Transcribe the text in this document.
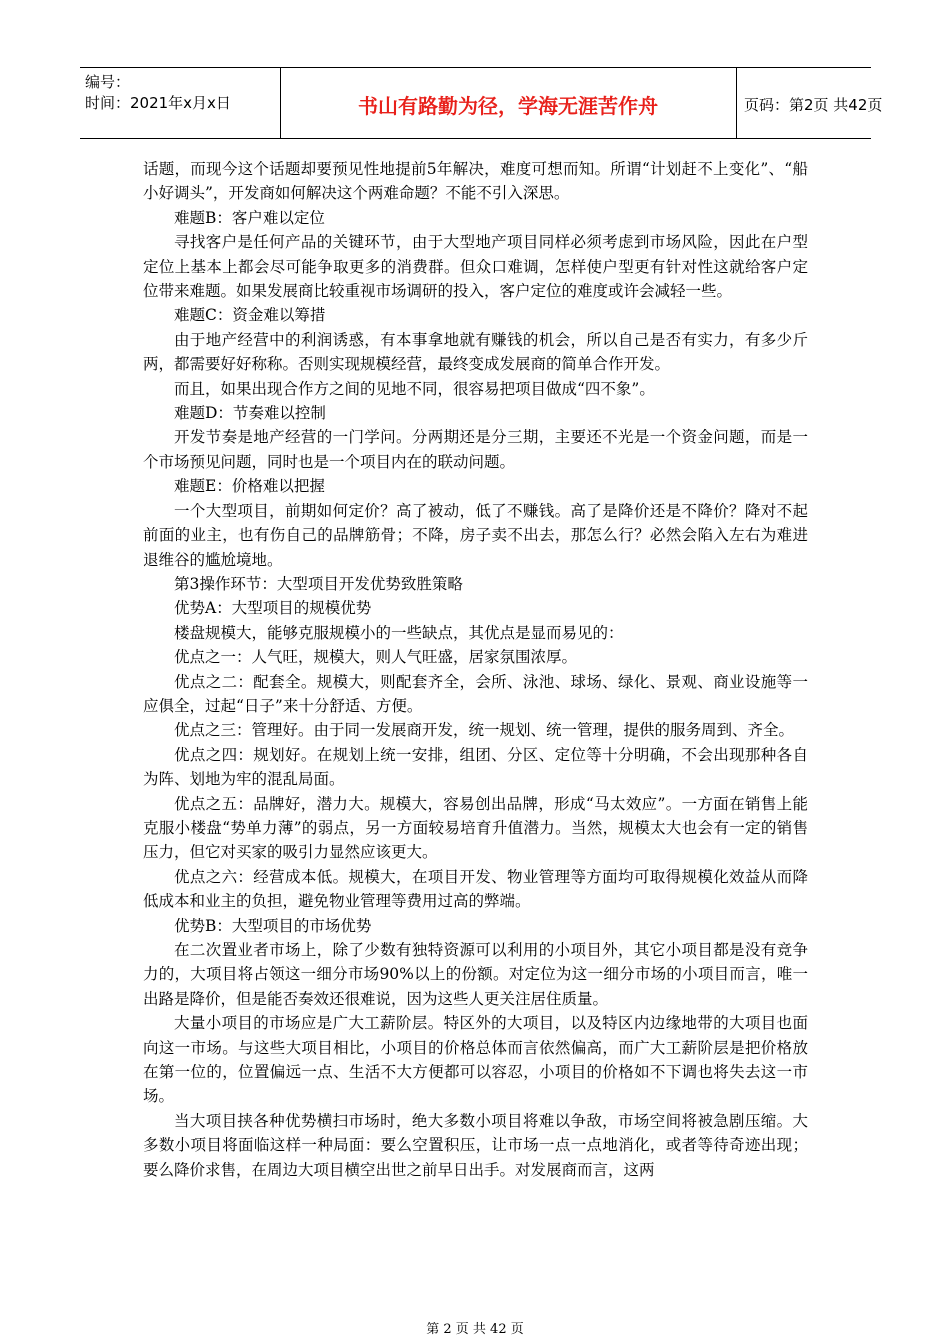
编号：
时间：2021年x月x日	书山有路勤为径，学海无涯苦作舟	页码：第2页 共42页

话题，而现今这个话题却要预见性地提前5年解决，难度可想而知。所谓“计划赶不上变化”、“船小好调头”，开发商如何解决这个两难命题？不能不引入深思。

难题B：客户难以定位

寻找客户是任何产品的关键环节，由于大型地产项目同样必须考虑到市场风险，因此在户型定位上基本上都会尽可能争取更多的消费群。但众口难调，怎样使户型更有针对性这就给客户定位带来难题。如果发展商比较重视市场调研的投入，客户定位的难度或许会减轻一些。

难题C：资金难以筹措

由于地产经营中的利润诱惑，有本事拿地就有赚钱的机会，所以自己是否有实力，有多少斤两，都需要好好称称。否则实现规模经营，最终变成发展商的简单合作开发。

而且，如果出现合作方之间的见地不同，很容易把项目做成“四不象”。

难题D：节奏难以控制

开发节奏是地产经营的一门学问。分两期还是分三期，主要还不光是一个资金问题，而是一个市场预见问题，同时也是一个项目内在的联动问题。

难题E：价格难以把握

一个大型项目，前期如何定价？高了被动，低了不赚钱。高了是降价还是不降价？降对不起前面的业主，也有伤自己的品牌筋骨；不降，房子卖不出去，那怎么行？必然会陷入左右为难进退维谷的尴尬境地。

第3操作环节：大型项目开发优势致胜策略

优势A：大型项目的规模优势

楼盘规模大，能够克服规模小的一些缺点，其优点是显而易见的：

优点之一：人气旺，规模大，则人气旺盛，居家氛围浓厚。

优点之二：配套全。规模大，则配套齐全，会所、泳池、球场、绿化、景观、商业设施等一应俱全，过起“日子”来十分舒适、方便。

优点之三：管理好。由于同一发展商开发，统一规划、统一管理，提供的服务周到、齐全。

优点之四：规划好。在规划上统一安排，组团、分区、定位等十分明确，不会出现那种各自为阵、划地为牢的混乱局面。

优点之五：品牌好，潜力大。规模大，容易创出品牌，形成“马太效应”。一方面在销售上能克服小楼盘“势单力薄”的弱点，另一方面较易培育升值潜力。当然，规模太大也会有一定的销售压力，但它对买家的吸引力显然应该更大。

优点之六：经营成本低。规模大，在项目开发、物业管理等方面均可取得规模化效益从而降低成本和业主的负担，避免物业管理等费用过高的弊端。

优势B：大型项目的市场优势

在二次置业者市场上，除了少数有独特资源可以利用的小项目外，其它小项目都是没有竞争力的，大项目将占领这一细分市场90%以上的份额。对定位为这一细分市场的小项目而言，唯一出路是降价，但是能否奏效还很难说，因为这些人更关注居住质量。

大量小项目的市场应是广大工薪阶层。特区外的大项目，以及特区内边缘地带的大项目也面向这一市场。与这些大项目相比，小项目的价格总体而言依然偏高，而广大工薪阶层是把价格放在第一位的，位置偏远一点、生活不大方便都可以容忍，小项目的价格如不下调也将失去这一市场。

当大项目挟各种优势横扫市场时，绝大多数小项目将难以争敌，市场空间将被急剧压缩。大多数小项目将面临这样一种局面：要么空置积压，让市场一点一点地消化，或者等待奇迹出现；要么降价求售，在周边大项目横空出世之前早日出手。对发展商而言，这两

第 2 页 共 42 页
